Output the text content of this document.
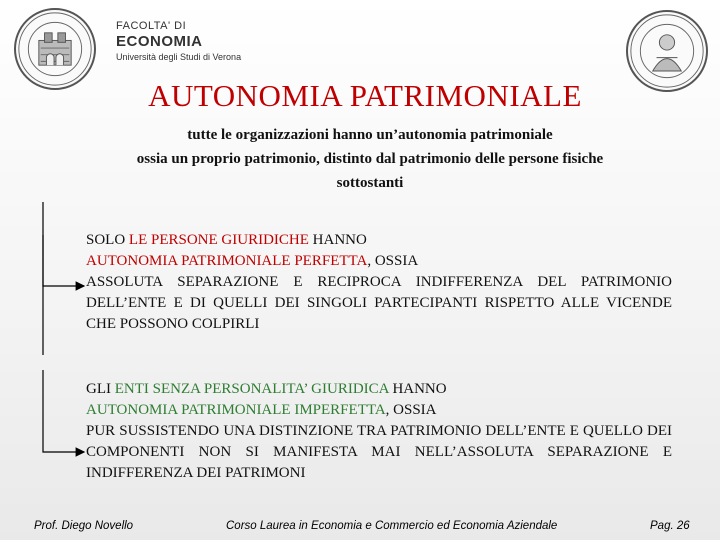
FACOLTA' DI
ECONOMIA
Università degli Studi di Verona
AUTONOMIA PATRIMONIALE
tutte le organizzazioni hanno un’autonomia patrimoniale
ossia un proprio patrimonio, distinto dal patrimonio delle persone fisiche
sottostanti
SOLO LE PERSONE GIURIDICHE HANNO
AUTONOMIA PATRIMONIALE PERFETTA, OSSIA
ASSOLUTA SEPARAZIONE E RECIPROCA INDIFFERENZA DEL PATRIMONIO DELL’ENTE E DI QUELLI DEI SINGOLI PARTECIPANTI RISPETTO ALLE VICENDE CHE POSSONO COLPIRLI
GLI ENTI SENZA PERSONALITA’ GIURIDICA HANNO
AUTONOMIA PATRIMONIALE IMPERFETTA, OSSIA
PUR SUSSISTENDO UNA DISTINZIONE TRA PATRIMONIO DELL’ENTE E QUELLO DEI COMPONENTI NON SI MANIFESTA MAI NELL’ASSOLUTA SEPARAZIONE E INDIFFERENZA DEI PATRIMONI
Prof. Diego Novello	Corso Laurea in Economia e Commercio ed Economia Aziendale	Pag. 26
